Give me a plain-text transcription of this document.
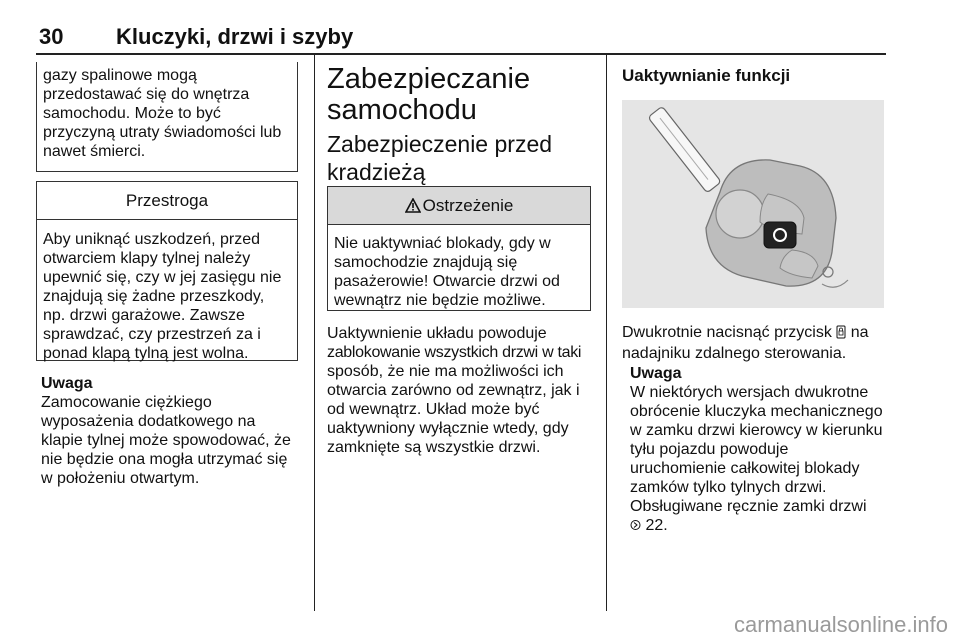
30 Kluczyki, drzwi i szyby

gazy spalinowe mogą

przedostawać się do wnętrza

samochodu. Może to być

przyczyną utraty świadomości lub

nawet śmierci.

Przestroga

Aby uniknąć uszkodzeń, przed

otwarciem klapy tylnej należy

upewnić się, czy w jej zasięgu nie

znajdują się żadne przeszkody,

np. drzwi garażowe. Zawsze

sprawdzać, czy przestrzeń za i

ponad klapą tylną jest wolna.

Uwaga

Zamocowanie ciężkiego

wyposażenia dodatkowego na

klapie tylnej może spowodować, że

nie będzie ona mogła utrzymać się

w położeniu otwartym.

Zabezpieczanie
samochodu
Zabezpieczenie przed
kradzieżą
Ostrzeżenie

Nie uaktywniać blokady, gdy w

samochodzie znajdują się

pasażerowie! Otwarcie drzwi od

wewnątrz nie będzie możliwe.

Uaktywnienie układu powoduje

zablokowanie wszystkich drzwi w taki

sposób, że nie ma możliwości ich

otwarcia zarówno od zewnątrz, jak i

od wewnątrz. Układ może być

uaktywniony wyłącznie wtedy, gdy

zamknięte są wszystkie drzwi.

Uaktywnianie funkcji

Dwukrotnie nacisnąć przycisk na

nadajniku zdalnego sterowania.

Uwaga

W niektórych wersjach dwukrotne

obrócenie kluczyka mechanicznego

w zamku drzwi kierowcy w kierunku

tyłu pojazdu powoduje

uruchomienie całkowitej blokady

zamków tylko tylnych drzwi.

Obsługiwane ręcznie zamki drzwi

22.

carmanualsonline.info
